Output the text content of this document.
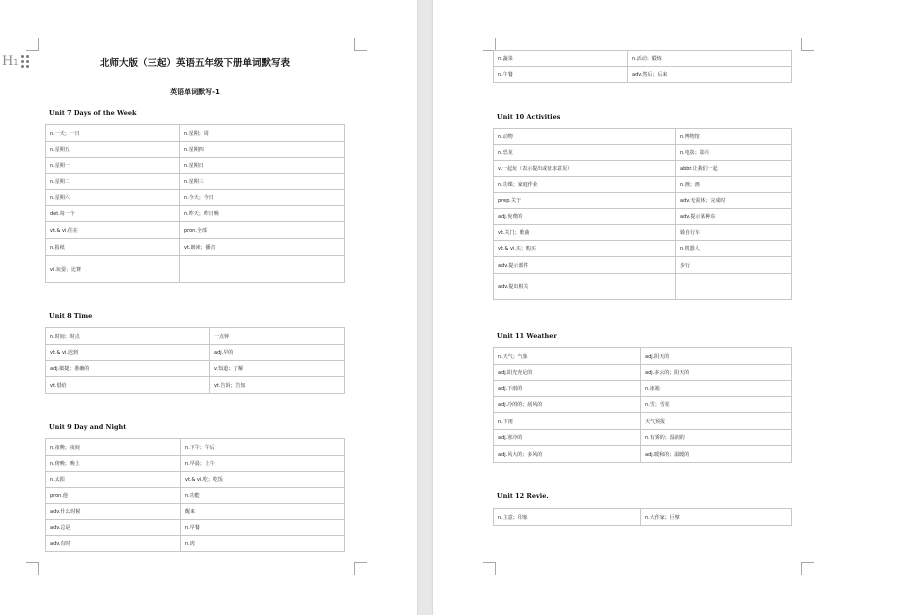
H1	北师大版（三起）英语五年级下册单词默写表
英语单词默写-1
Unit 7 Days of the Week
n.一天；一日	n.星期；周
n.星期五	n.星期四
n.星期一	n.星期日
n.星期二	n.星期三
n.星期六	n.今天；今日
det.每一个	n.昨天；昨日晚
vt.& vi.住在	pron.全部
n.报纸	vt.朗读；播音
vi.玩耍；比赛	
Unit 8 Time
n.时间；时点	一点钟
vt.& vi.迟到	adj.早的
adj.敏捷；准确的	v.知道；了解
vt.借给	vt.告诉；告知
Unit 9 Day and Night
n.夜晚；夜间	n.下午；午后
n.傍晚；晚上	n.早晨；上午
n.太阳	vt.& vi.吃；吃饭
pron.他	n.功能
adv.什么时候	醒来
adv.总是	n.早餐
adv.有时	n.肉
n.蔬菜	n.活动；锻炼
n.午餐	adv.然后；后来
Unit 10 Activities
n.动物	n.博物馆
n.恐龙	n.电影；影片
v.一起玩（表示提出或征求意见）	abbr.让我们一起
n.功课；家庭作业	n.画；画
prep.关于	adv.无需休；完成时
adj.免费的	adv.提示某种东
vt.关门；歌曲	骑自行车
vt.& vi.买；购买	n.机器人
adv.提示部件	步行
adv.提出相关	
Unit 11 Weather
n.天气；气象	adj.阴天的
adj.阳光充足的	adj.多云的；阴天的
adj.下雨的	n.冰箱
adj.冷的的；刮风的	n.雪；雪花
n.下雨	天气预报
adj.寒冷的	n.有雾的；湿润的
adj.风大的；多风的	adj.暖和的；温暖的
Unit 12 Revie.
n.主意；印象	n.大作家；巨擘
